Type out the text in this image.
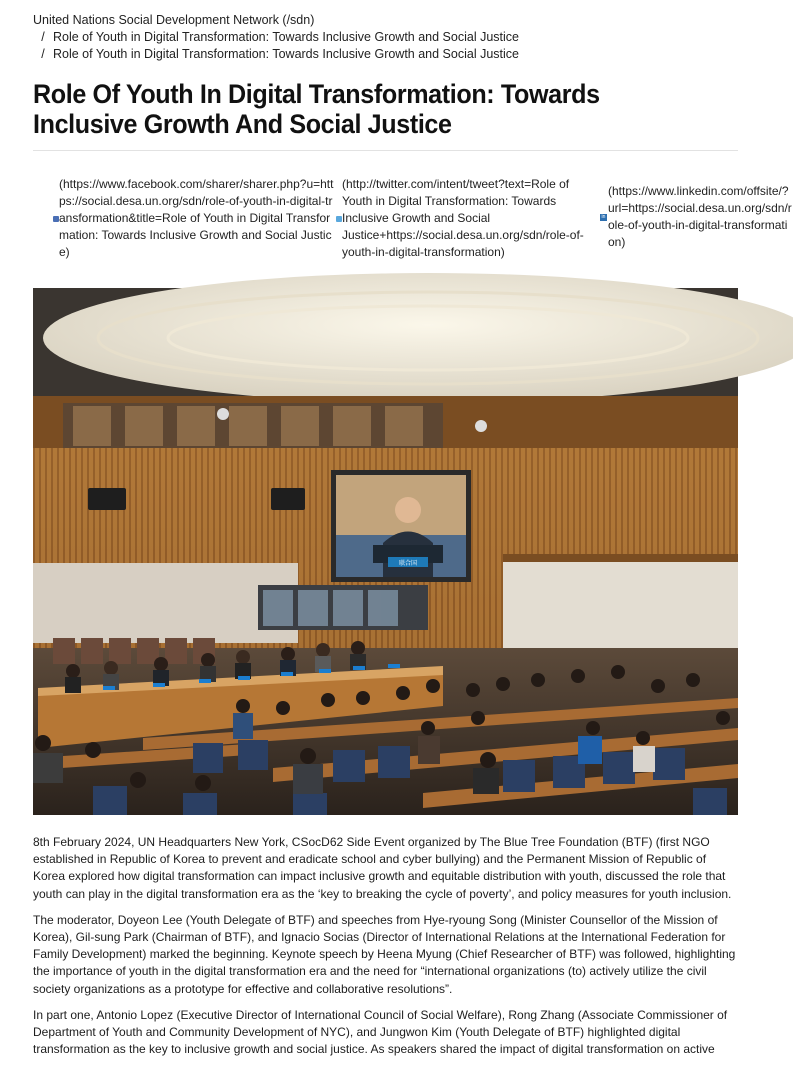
United Nations Social Development Network (/sdn)
/ Role of Youth in Digital Transformation: Towards Inclusive Growth and Social Justice
/ Role of Youth in Digital Transformation: Towards Inclusive Growth and Social Justice
Role Of Youth In Digital Transformation: Towards Inclusive Growth And Social Justice
(https://www.facebook.com/sharer/sharer.php?u=https://social.desa.un.org/sdn/role-of-youth-in-digital-transformation&title=Role of Youth in Digital Transformation: Towards Inclusive Growth and Social Justice)
(http://twitter.com/intent/tweet?text=Role of Youth in Digital Transformation: Towards Inclusive Growth and Social Justice+https://social.desa.un.org/sdn/role-of-youth-in-digital-transformation)
(https://www.linkedin.com/offsite/?url=https://social.desa.un.org/sdn/role-of-youth-in-digital-transformation)
in
联合国

8th February 2024, UN Headquarters New York, CSocD62 Side Event organized by The Blue Tree Foundation (BTF) (first NGO established in Republic of Korea to prevent and eradicate school and cyber bullying) and the Permanent Mission of Republic of Korea explored how digital transformation can impact inclusive growth and equitable distribution with youth, discussed the role that youth can play in the digital transformation era as the ‘key to breaking the cycle of poverty’, and policy measures for youth inclusion.

The moderator, Doyeon Lee (Youth Delegate of BTF) and speeches from Hye-ryoung Song (Minister Counsellor of the Mission of Korea), Gil-sung Park (Chairman of BTF), and Ignacio Socias (Director of International Relations at the International Federation for Family Development) marked the beginning. Keynote speech by Heena Myung (Chief Researcher of BTF) was followed, highlighting the importance of youth in the digital transformation era and the need for “international organizations (to) actively utilize the civil society organizations as a prototype for effective and collaborative resolutions”.

In part one, Antonio Lopez (Executive Director of International Council of Social Welfare), Rong Zhang (Associate Commissioner of Department of Youth and Community Development of NYC), and Jungwon Kim (Youth Delegate of BTF) highlighted digital transformation as the key to inclusive growth and social justice. As speakers shared the impact of digital transformation on active
